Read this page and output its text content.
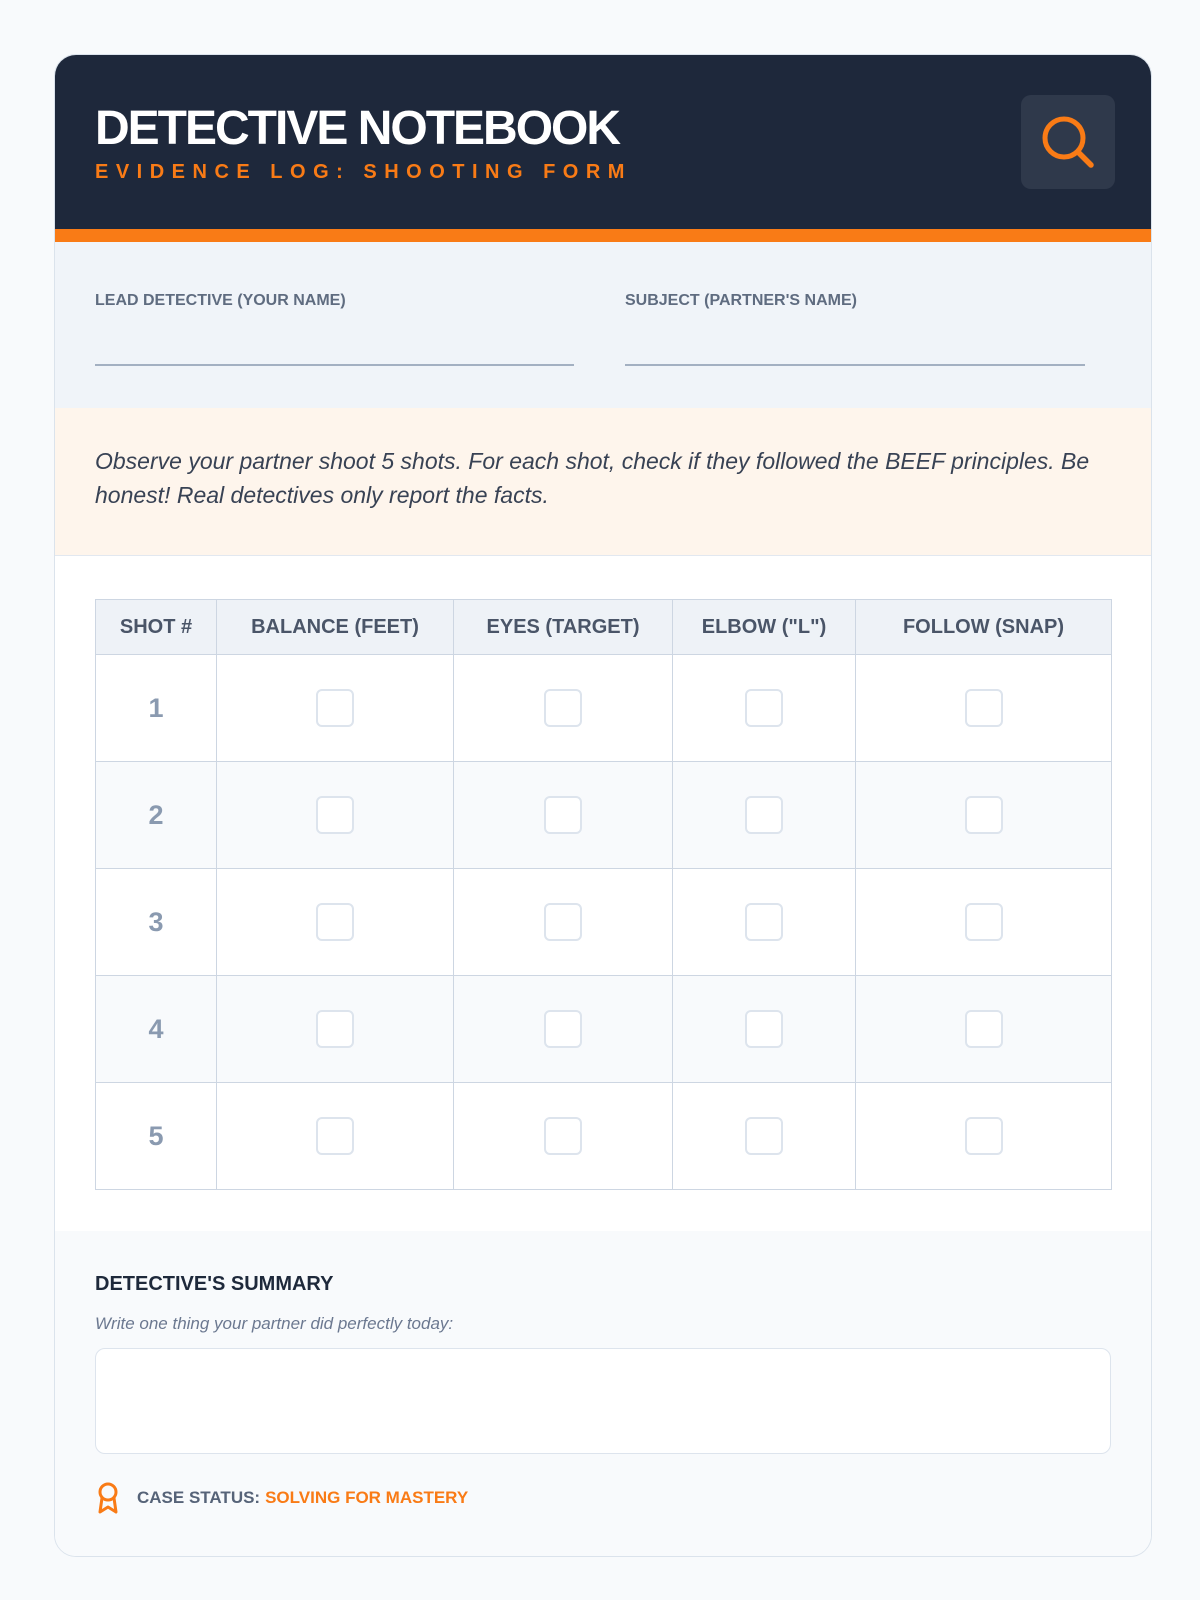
DETECTIVE NOTEBOOK
EVIDENCE LOG: SHOOTING FORM
LEAD DETECTIVE (YOUR NAME)	SUBJECT (PARTNER'S NAME)

Observe your partner shoot 5 shots. For each shot, check if they followed the BEEF principles. Be honest! Real detectives only report the facts.

SHOT #	BALANCE (FEET)	EYES (TARGET)	ELBOW ("L")	FOLLOW (SNAP)
1				
2				
3				
4				
5				
DETECTIVE'S SUMMARY
Write one thing your partner did perfectly today:
CASE STATUS: SOLVING FOR MASTERY
